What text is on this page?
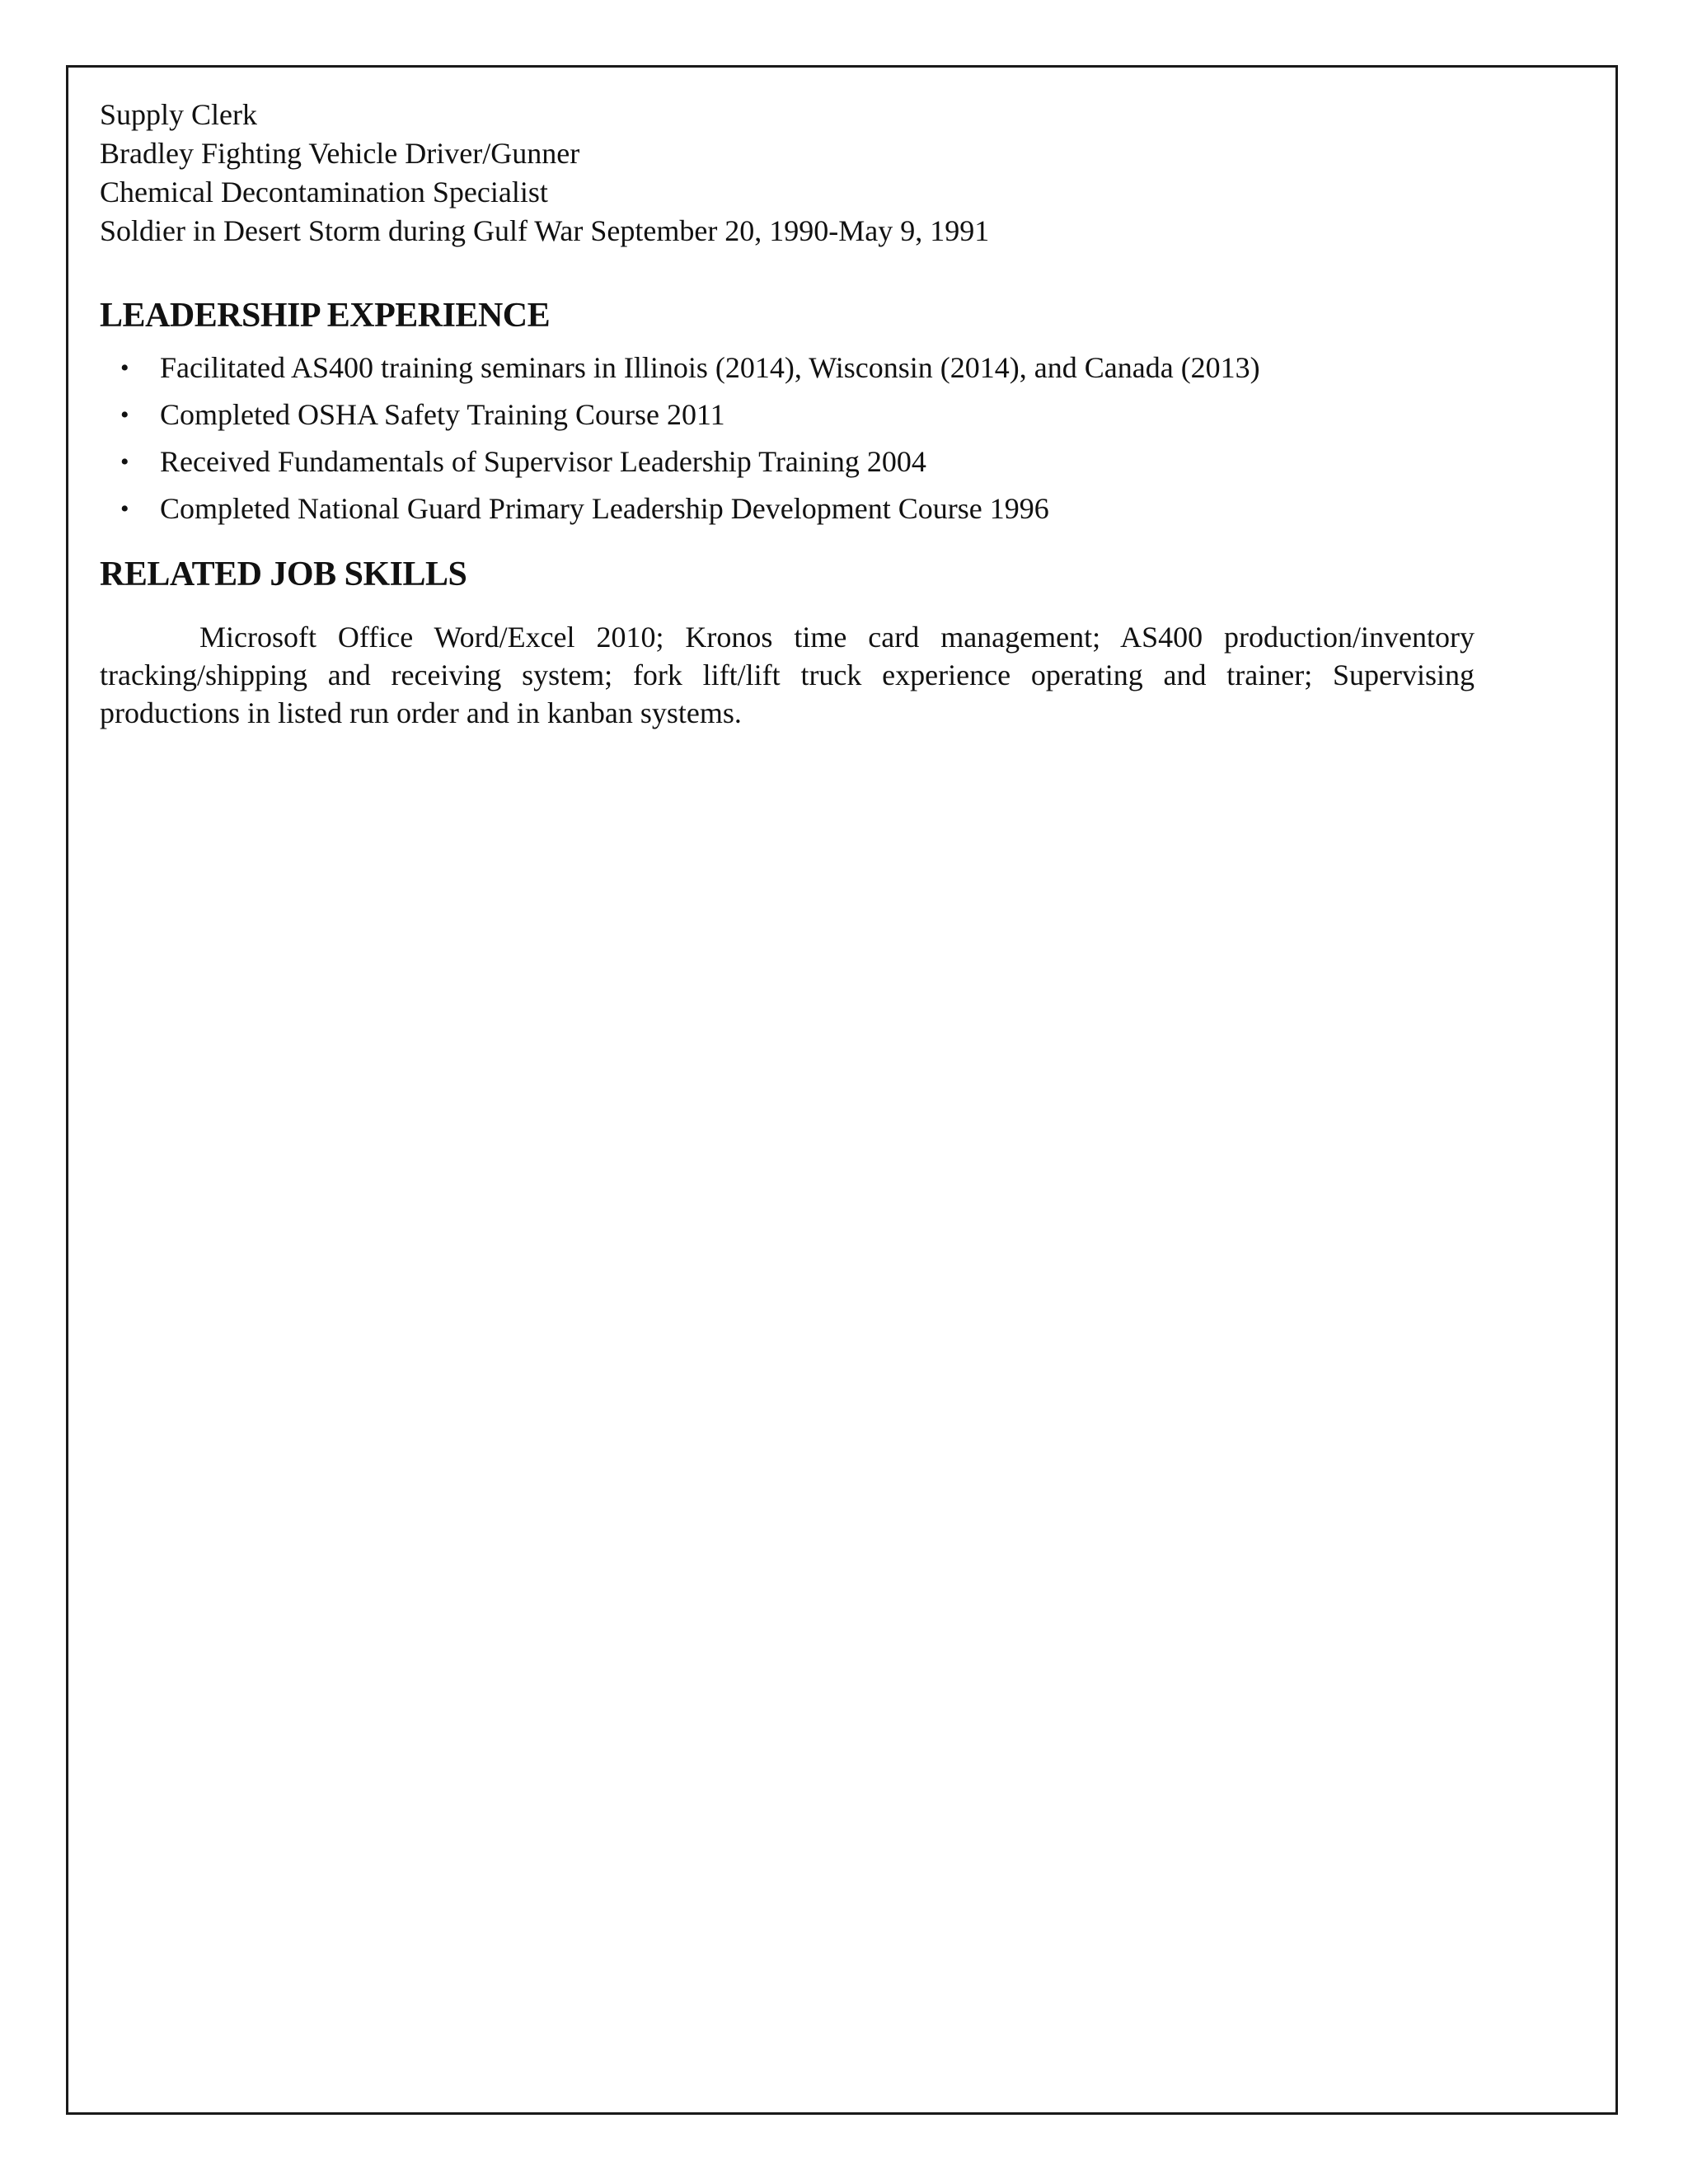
Supply Clerk
Bradley Fighting Vehicle Driver/Gunner
Chemical Decontamination Specialist
Soldier in Desert Storm during Gulf War September 20, 1990-May 9, 1991
LEADERSHIP EXPERIENCE
• Facilitated AS400 training seminars in Illinois (2014), Wisconsin (2014), and Canada (2013)
• Completed OSHA Safety Training Course 2011
• Received Fundamentals of Supervisor Leadership Training 2004
• Completed National Guard Primary Leadership Development Course 1996
RELATED JOB SKILLS

Microsoft Office Word/Excel 2010; Kronos time card management; AS400 production/inventory tracking/shipping and receiving system; fork lift/lift truck experience operating and trainer; Supervising productions in listed run order and in kanban systems.
